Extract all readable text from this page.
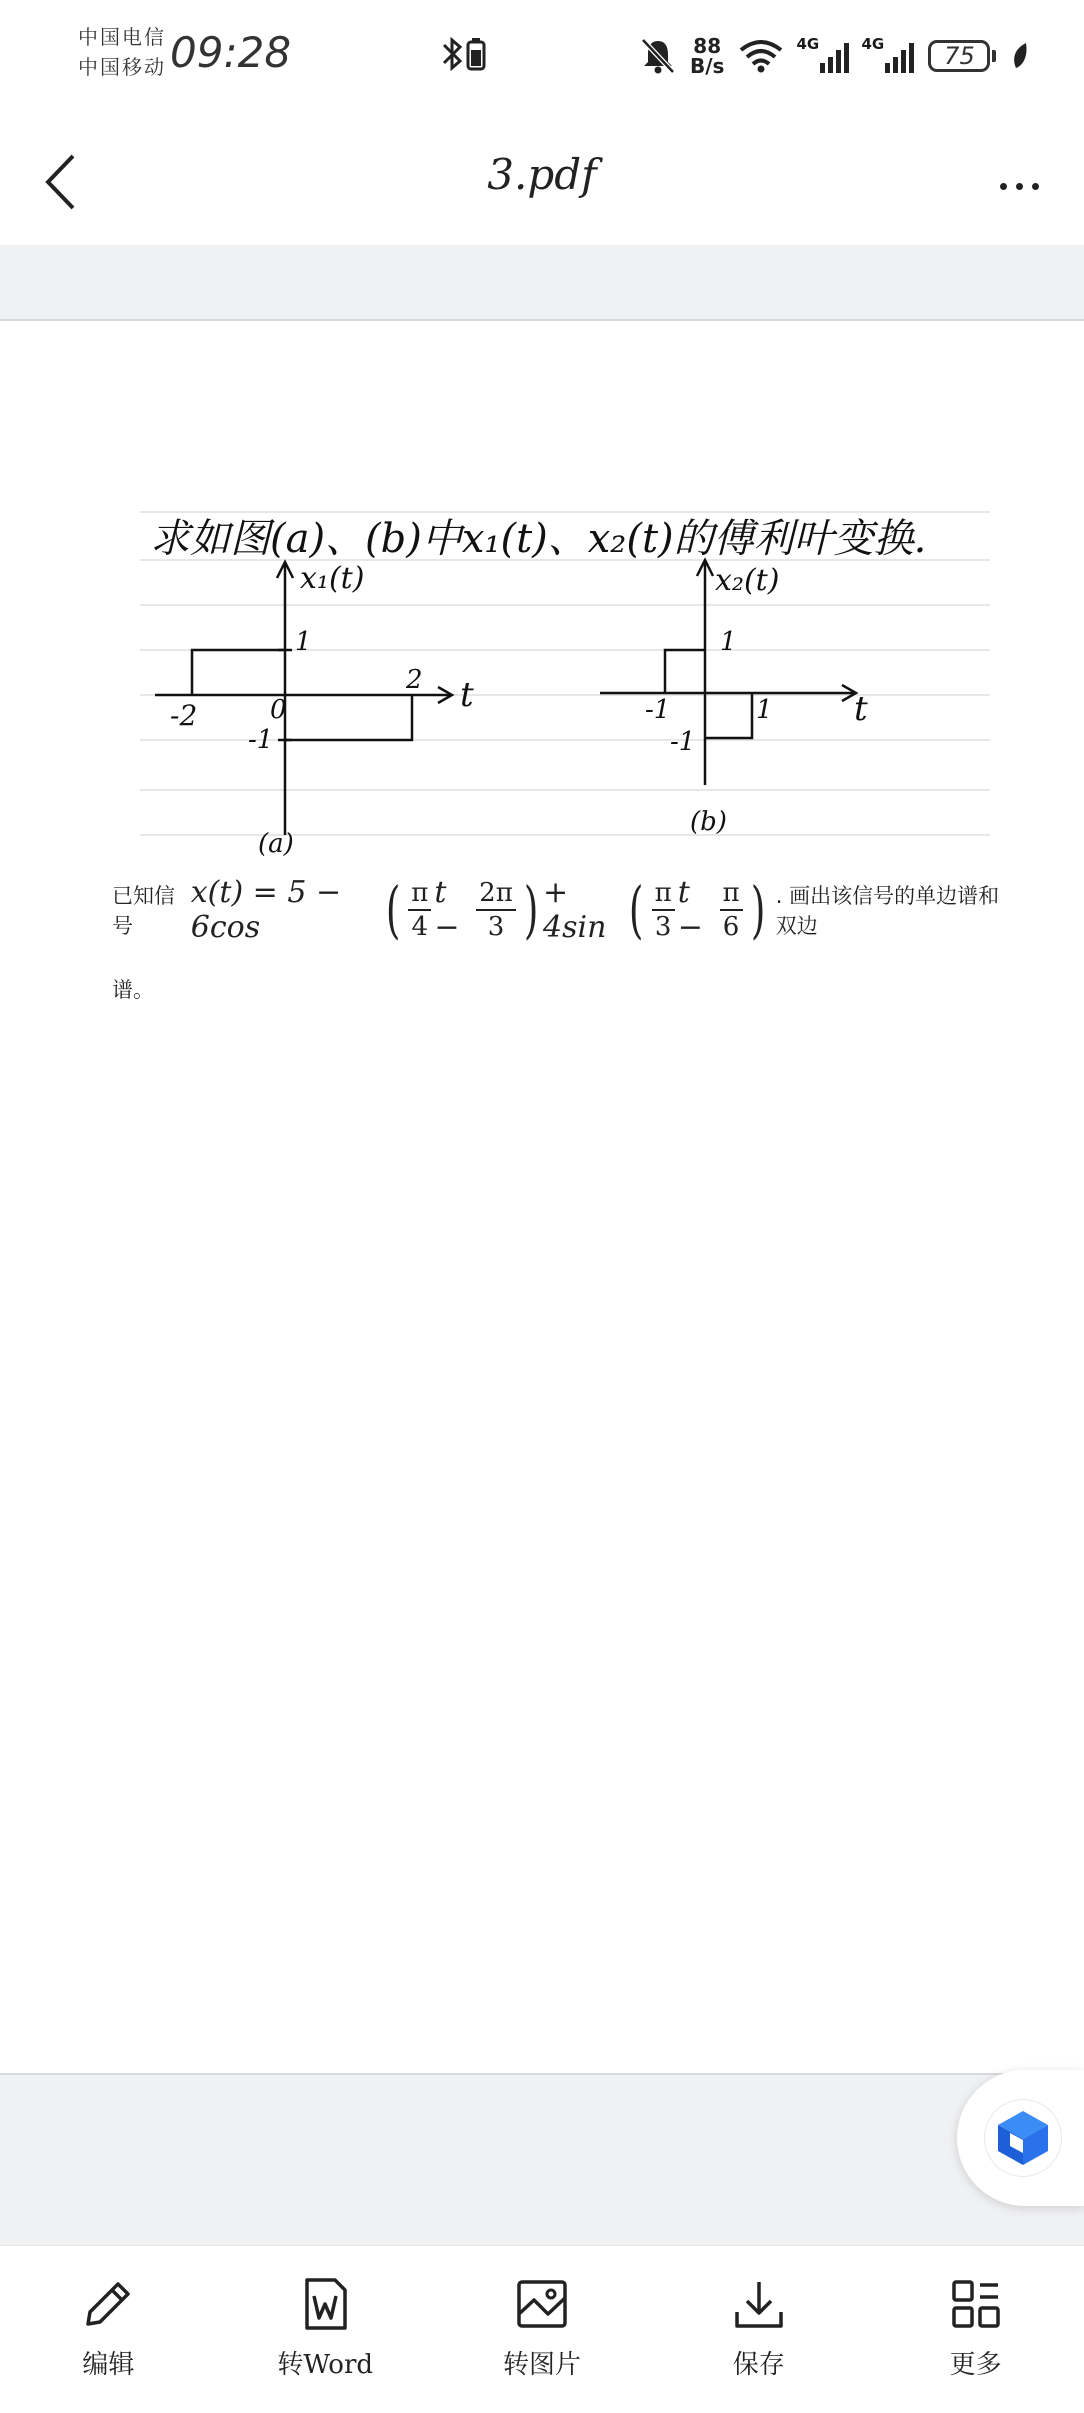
中国电信
中国移动 09:28	88
B/s
4G	4G	75
3.pdf
求如图(a)、(b)中x₁(t)、x₂(t)的傅利叶变换.
x₁(t)
t
-2	0
2
1
-1
(a)
x₂(t)
t
-1	1
1
-1
(b)
已知信号
x(t) = 5 − 6cos	( $\frac{\pi}{4}$ $t - \frac{2\pi}{3}$ ) + 4sin ( $\frac{\pi}{3}$ $t - \frac{\pi}{6}$ ) . 画出该信号的单边谱和双边
谱。
编辑	转Word	转图片	保存	更多
